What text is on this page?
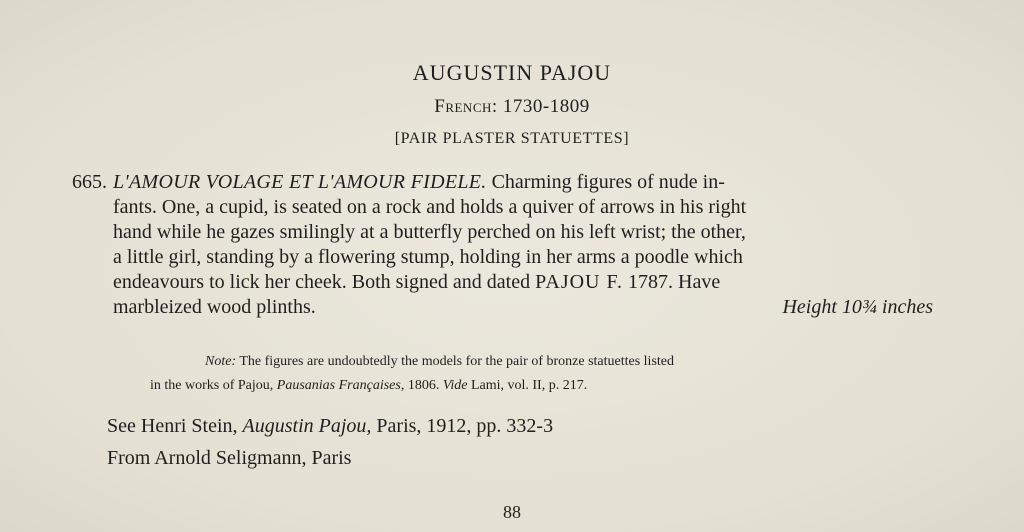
AUGUSTIN PAJOU
French: 1730-1809
[PAIR PLASTER STATUETTES]
665. L'AMOUR VOLAGE ET L'AMOUR FIDELE. Charming figures of nude in-
fants. One, a cupid, is seated on a rock and holds a quiver of arrows in his right
hand while he gazes smilingly at a butterfly perched on his left wrist; the other,
a little girl, standing by a flowering stump, holding in her arms a poodle which
endeavours to lick her cheek. Both signed and dated PAJOU F. 1787. Have
marbleized wood plinths.	Height 10¾ inches
Note: The figures are undoubtedly the models for the pair of bronze statuettes listed
in the works of Pajou, Pausanias Françaises, 1806. Vide Lami, vol. II, p. 217.
See Henri Stein, Augustin Pajou, Paris, 1912, pp. 332-3
From Arnold Seligmann, Paris
88
